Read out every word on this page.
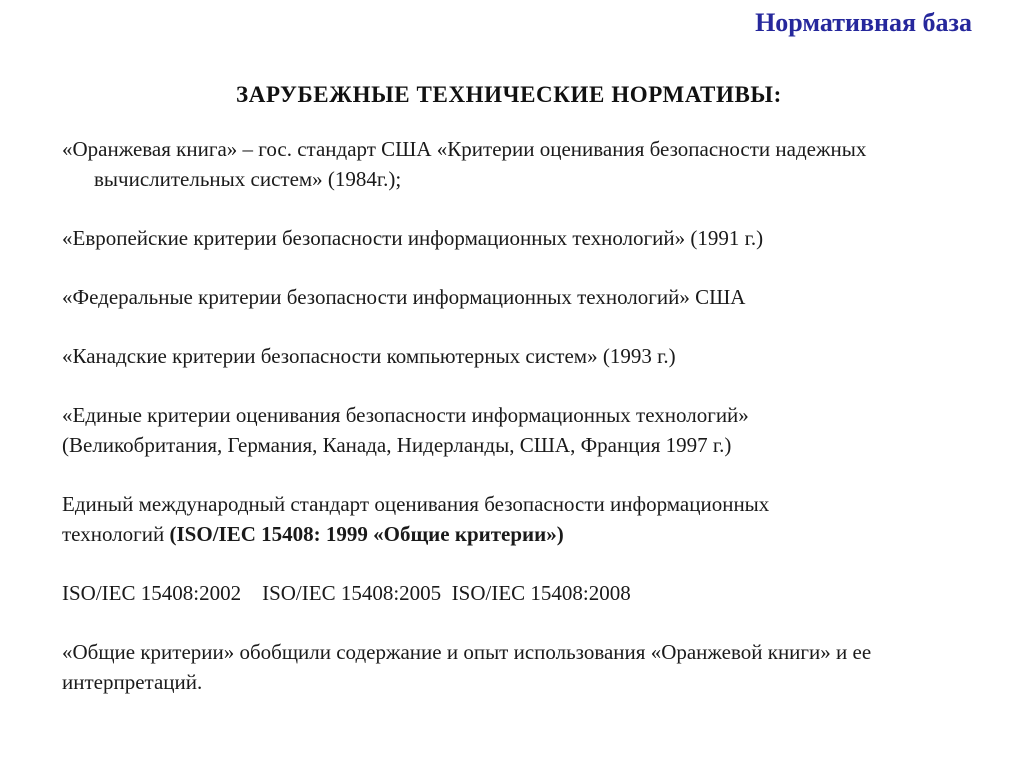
Нормативная база
ЗАРУБЕЖНЫЕ ТЕХНИЧЕСКИЕ НОРМАТИВЫ:

«Оранжевая книга» – гос. стандарт США «Критерии оценивания безопасности надежных вычислительных систем» (1984г.);

«Европейские критерии безопасности информационных технологий» (1991 г.)

«Федеральные критерии безопасности информационных технологий» США

«Канадские критерии безопасности компьютерных систем» (1993 г.)

«Единые критерии оценивания безопасности информационных технологий»
(Великобритания, Германия, Канада, Нидерланды, США, Франция 1997 г.)

Единый международный стандарт оценивания безопасности информационных
технологий (ISO/IEC 15408: 1999 «Общие критерии»)

ISO/IEC 15408:2002    ISO/IEC 15408:2005  ISO/IEC 15408:2008

«Общие критерии» обобщили содержание и опыт использования «Оранжевой книги» и ее интерпретаций.
